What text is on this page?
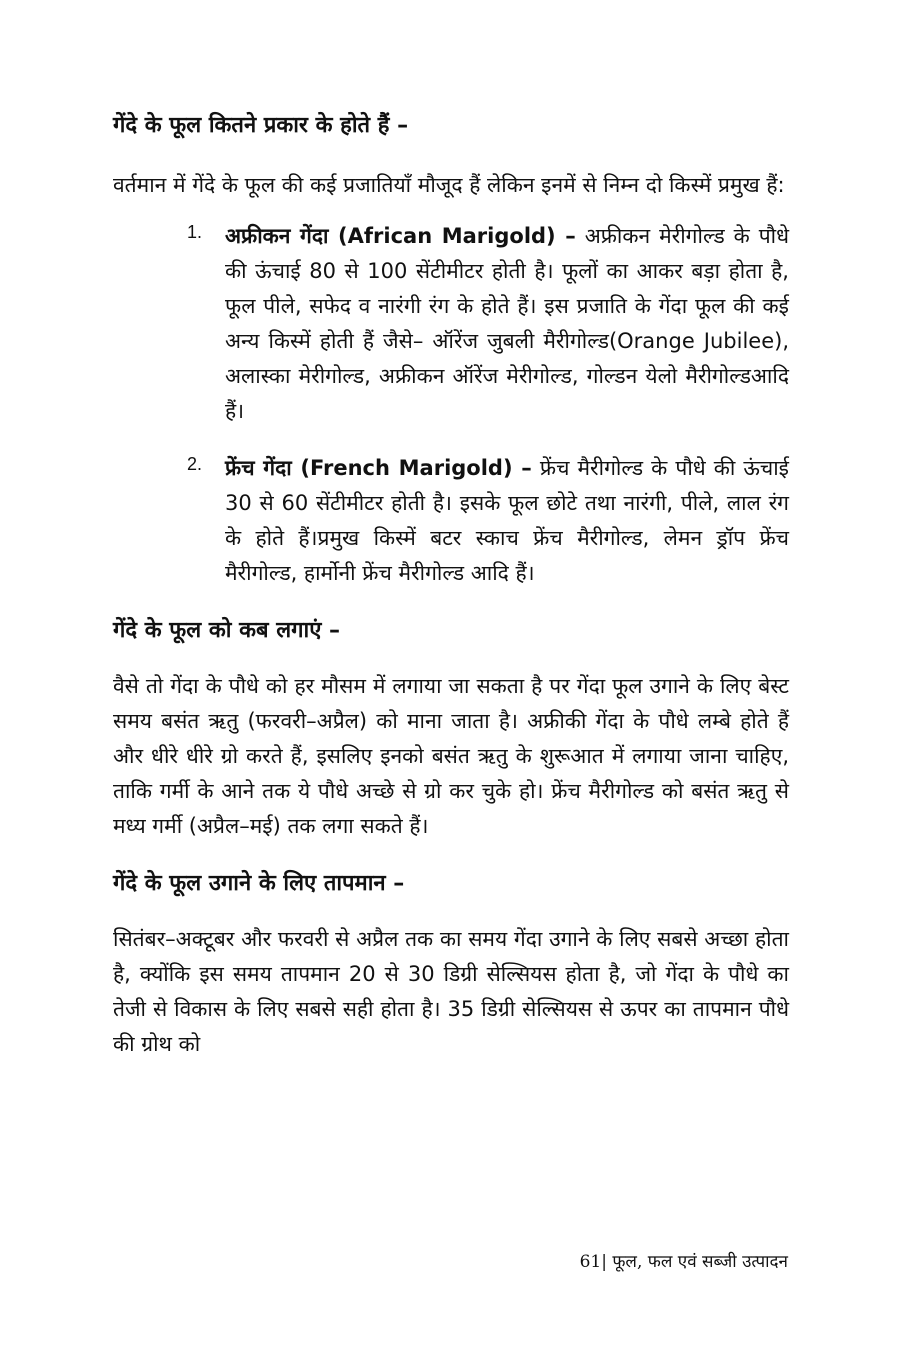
गेंदे के फूल कितने प्रकार के होते हैं –

वर्तमान में गेंदे के फूल की कई प्रजातियाँ मौजूद हैं लेकिन इनमें से निम्न दो किस्में प्रमुख हैं:

1. अफ्रीकन गेंदा (African Marigold) – अफ्रीकन मेरीगोल्ड के पौधे की ऊंचाई 80 से 100 सेंटीमीटर होती है। फूलों का आकर बड़ा होता है, फूल पीले, सफेद व नारंगी रंग के होते हैं। इस प्रजाति के गेंदा फूल की कई अन्य किस्में होती हैं जैसे– ऑरेंज जुबली मैरीगोल्ड(Orange Jubilee), अलास्का मेरीगोल्ड, अफ्रीकन ऑरेंज मेरीगोल्ड, गोल्डन येलो मैरीगोल्डआदि हैं।

2. फ्रेंच गेंदा (French Marigold) – फ्रेंच मैरीगोल्ड के पौधे की ऊंचाई 30 से 60 सेंटीमीटर होती है। इसके फूल छोटे तथा नारंगी, पीले, लाल रंग के होते हैं।प्रमुख किस्में बटर स्काच फ्रेंच मैरीगोल्ड, लेमन ड्रॉप फ्रेंच मैरीगोल्ड, हार्मोनी फ्रेंच मैरीगोल्ड आदि हैं।

गेंदे के फूल को कब लगाएं –

वैसे तो गेंदा के पौधे को हर मौसम में लगाया जा सकता है पर गेंदा फूल उगाने के लिए बेस्ट समय बसंत ऋतु (फरवरी–अप्रैल) को माना जाता है। अफ्रीकी गेंदा के पौधे लम्बे होते हैं और धीरे धीरे ग्रो करते हैं, इसलिए इनको बसंत ऋतु के शुरूआत में लगाया जाना चाहिए, ताकि गर्मी के आने तक ये पौधे अच्छे से ग्रो कर चुके हो। फ्रेंच मैरीगोल्ड को बसंत ऋतु से मध्य गर्मी (अप्रैल–मई) तक लगा सकते हैं।

गेंदे के फूल उगाने के लिए तापमान –

सितंबर–अक्टूबर और फरवरी से अप्रैल तक का समय गेंदा उगाने के लिए सबसे अच्छा होता है, क्योंकि इस समय तापमान 20 से 30 डिग्री सेल्सियस होता है, जो गेंदा के पौधे का तेजी से विकास के लिए सबसे सही होता है। 35 डिग्री सेल्सियस से ऊपर का तापमान पौधे की ग्रोथ को

61| फूल, फल एवं सब्जी उत्पादन
